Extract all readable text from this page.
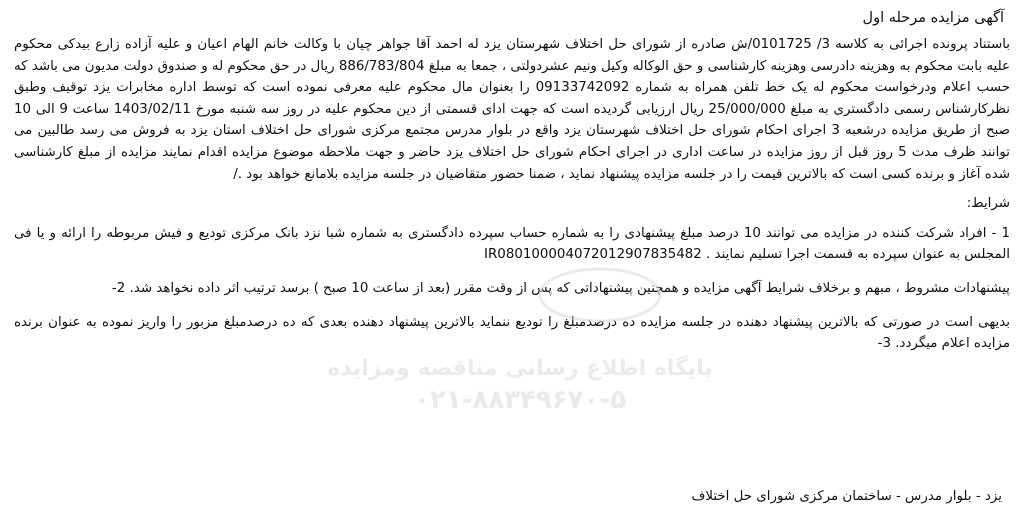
آگهی مزایده مرحله اول

باستناد پرونده اجرائی به کلاسه 3/ 0101725/ش صادره از شورای حل اختلاف شهرستان یزد له احمد آقا جواهر چیان با وکالت خانم الهام اعیان و علیه آزاده زارع بیدکی محکوم علیه بابت محکوم به وهزینه دادرسی وهزینه کارشناسی و حق الوکاله وکیل ونیم عشردولتی ، جمعا به مبلغ 886/783/804 ریال در حق محکوم له و صندوق دولت مدیون می باشد که حسب اعلام ودرخواست محکوم له یک خط تلفن همراه به شماره 09133742092 را بعنوان مال محکوم علیه معرفی نموده است که توسط اداره مخابرات یزد توقیف وطبق نظرکارشناس رسمی دادگستری به مبلغ 25/000/000 ریال ارزیابی گردیده است که جهت ادای قسمتی از دین محکوم علیه در روز سه شنبه مورخ 1403/02/11 ساعت 9 الی 10 صبح از طریق مزایده درشعبه 3 اجرای احکام شورای حل اختلاف شهرستان یزد واقع در بلوار مدرس مجتمع مرکزی شورای حل اختلاف استان یزد به فروش می رسد طالبین می توانند ظرف مدت 5 روز قبل از روز مزایده در ساعت اداری در اجرای احکام شورای حل اختلاف یزد حاضر و جهت ملاحظه موضوع مزایده اقدام نمایند مزایده از مبلغ کارشناسی شده آغاز و برنده کسی است که بالاترین قیمت را در جلسه مزایده پیشنهاد نماید ، ضمنا حضور متقاضیان در جلسه مزایده بلامانع خواهد بود ./

شرایط:

1 - افراد شرکت کننده در مزایده می توانند 10 درصد مبلغ پیشنهادی را به شماره حساب سپرده دادگستری به شماره شبا نزد بانک مرکزی تودیع و فیش مربوطه را ارائه و یا فی المجلس به عنوان سپرده به قسمت اجرا تسلیم نمایند . IR080100004072012907835482

پیشنهادات مشروط ، مبهم و برخلاف شرایط آگهی مزایده و همچنین پیشنهاداتی که پس از وقت مقرر (بعد از ساعت 10 صبح ) برسد ترتیب اثر داده نخواهد شد. 2-

بدیهی است در صورتی که بالاترین پیشنهاد دهنده در جلسه مزایده ده درصدمبلغ را تودیع ننماید بالاترین پیشنهاد دهنده بعدی که ده درصدمبلغ مزبور را واریز نموده به عنوان برنده مزایده اعلام میگردد. 3-

یزد - بلوار مدرس - ساختمان مرکزی شورای حل اختلاف
پایگاه اطلاع رسانی مناقصه ومزایده
۰۲۱-۸۸۳۴۹۶۷۰-۵
